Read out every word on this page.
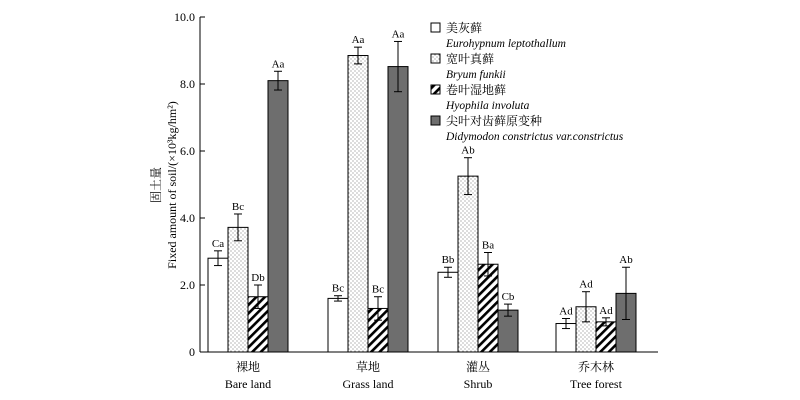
固土量 Fixed amount of soil/(×10³kg/hm²)
0
2.0
4.0
6.0
8.0
10.0
Ca
Bc
Db
Aa
Bc
Aa
Bc
Aa
Bb
Ab
Ba
Cb
Ad
Ad
Ad
Ab
裸地
Bare land
草地
Grass land
灌丛
Shrub
乔木林
Tree forest
美灰藓
Eurohypnum leptothallum
宽叶真藓
Bryum funkii
卷叶湿地藓
Hyophila involuta
尖叶对齿藓原变种
Didymodon constrictus var.constrictus
